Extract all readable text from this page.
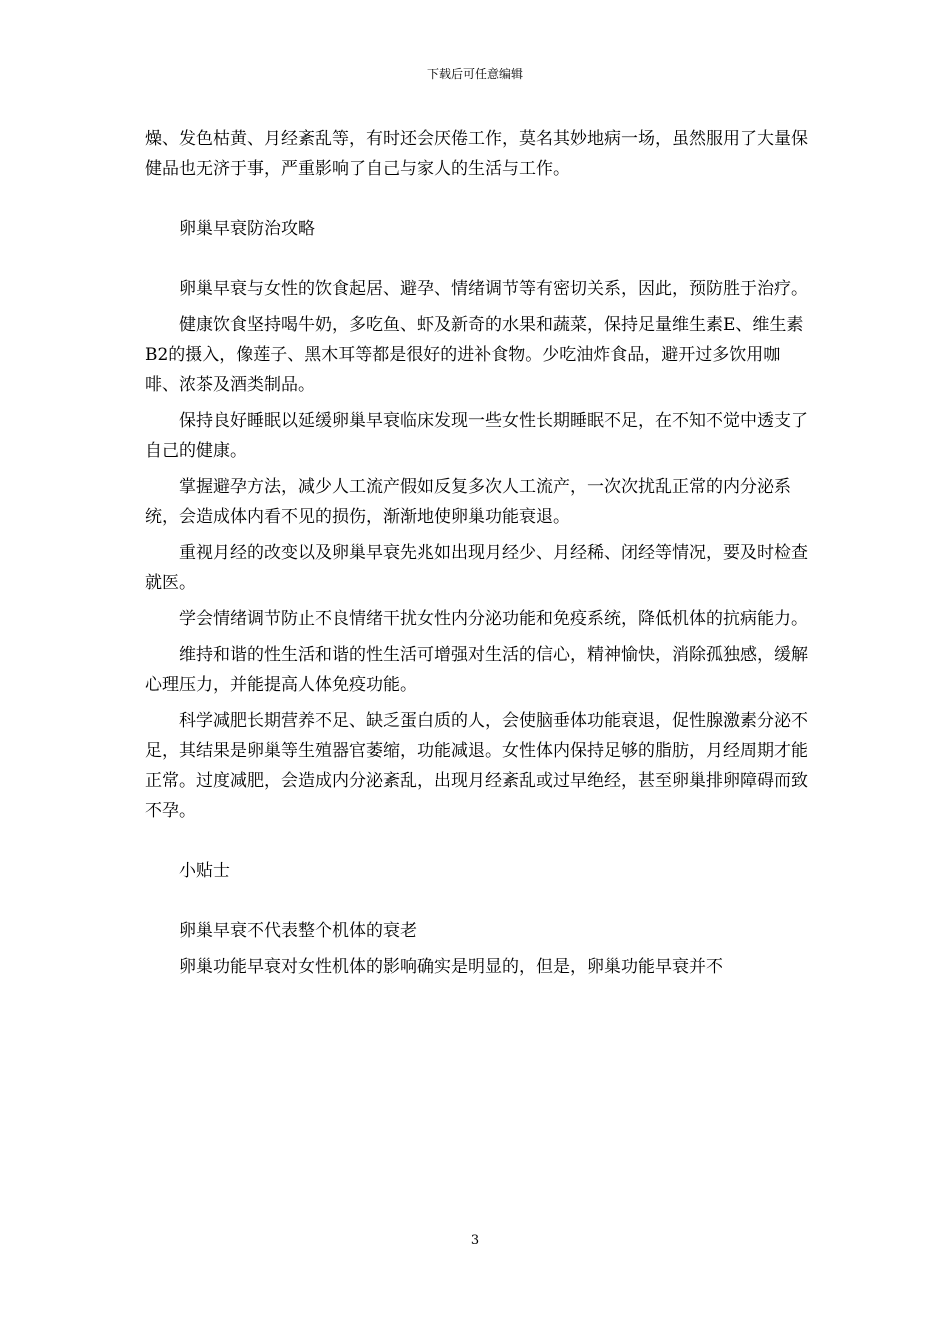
下载后可任意编辑

燥、发色枯黄、月经紊乱等，有时还会厌倦工作，莫名其妙地病一场，虽然服用了大量保健品也无济于事，严重影响了自己与家人的生活与工作。

卵巢早衰防治攻略

卵巢早衰与女性的饮食起居、避孕、情绪调节等有密切关系，因此，预防胜于治疗。

健康饮食坚持喝牛奶，多吃鱼、虾及新奇的水果和蔬菜，保持足量维生素E、维生素B2的摄入，像莲子、黑木耳等都是很好的进补食物。少吃油炸食品，避开过多饮用咖啡、浓茶及酒类制品。

保持良好睡眠以延缓卵巢早衰临床发现一些女性长期睡眠不足，在不知不觉中透支了自己的健康。

掌握避孕方法，减少人工流产假如反复多次人工流产，一次次扰乱正常的内分泌系统，会造成体内看不见的损伤，渐渐地使卵巢功能衰退。

重视月经的改变以及卵巢早衰先兆如出现月经少、月经稀、闭经等情况，要及时检查就医。

学会情绪调节防止不良情绪干扰女性内分泌功能和免疫系统，降低机体的抗病能力。

维持和谐的性生活和谐的性生活可增强对生活的信心，精神愉快，消除孤独感，缓解心理压力，并能提高人体免疫功能。

科学减肥长期营养不足、缺乏蛋白质的人，会使脑垂体功能衰退，促性腺激素分泌不足，其结果是卵巢等生殖器官萎缩，功能减退。女性体内保持足够的脂肪，月经周期才能正常。过度减肥，会造成内分泌紊乱，出现月经紊乱或过早绝经，甚至卵巢排卵障碍而致不孕。

小贴士

卵巢早衰不代表整个机体的衰老

卵巢功能早衰对女性机体的影响确实是明显的，但是，卵巢功能早衰并不

3
